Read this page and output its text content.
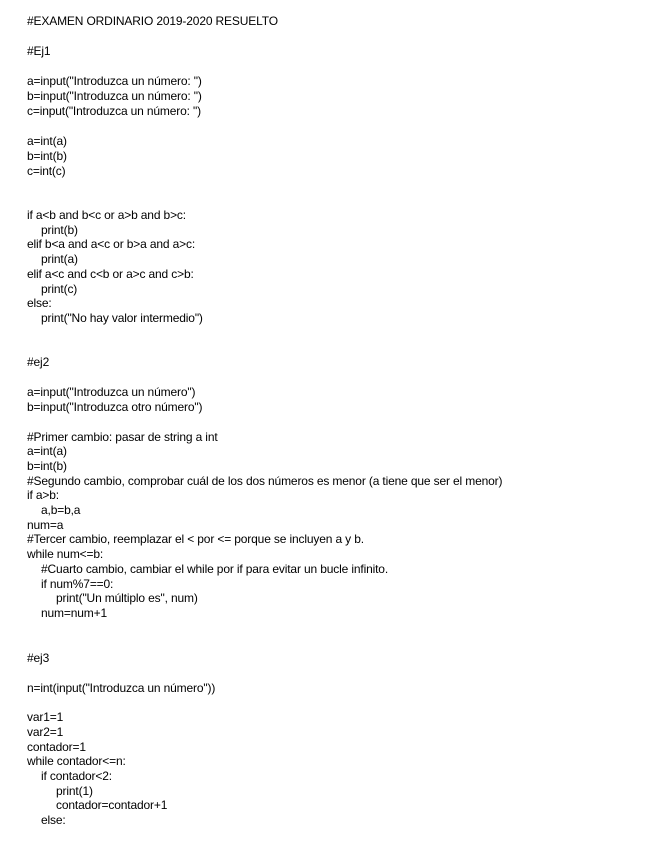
#EXAMEN ORDINARIO 2019-2020 RESUELTO
#Ej1
a=input("Introduzca un número: ")
b=input("Introduzca un número: ")
c=input("Introduzca un número: ")
a=int(a)
b=int(b)
c=int(c)
if a<b and b<c or a>b and b>c:
print(b)
elif b<a and a<c or b>a and a>c:
print(a)
elif a<c and c<b or a>c and c>b:
print(c)
else:
print("No hay valor intermedio")
#ej2
a=input("Introduzca un número")
b=input("Introduzca otro número")
#Primer cambio: pasar de string a int
a=int(a)
b=int(b)
#Segundo cambio, comprobar cuál de los dos números es menor (a tiene que ser el menor)
if a>b:
a,b=b,a
num=a
#Tercer cambio, reemplazar el < por <= porque se incluyen a y b.
while num<=b:
#Cuarto cambio, cambiar el while por if para evitar un bucle infinito.
if num%7==0:
print("Un múltiplo es", num)
num=num+1
#ej3
n=int(input("Introduzca un número"))
var1=1
var2=1
contador=1
while contador<=n:
if contador<2:
print(1)
contador=contador+1
else:
